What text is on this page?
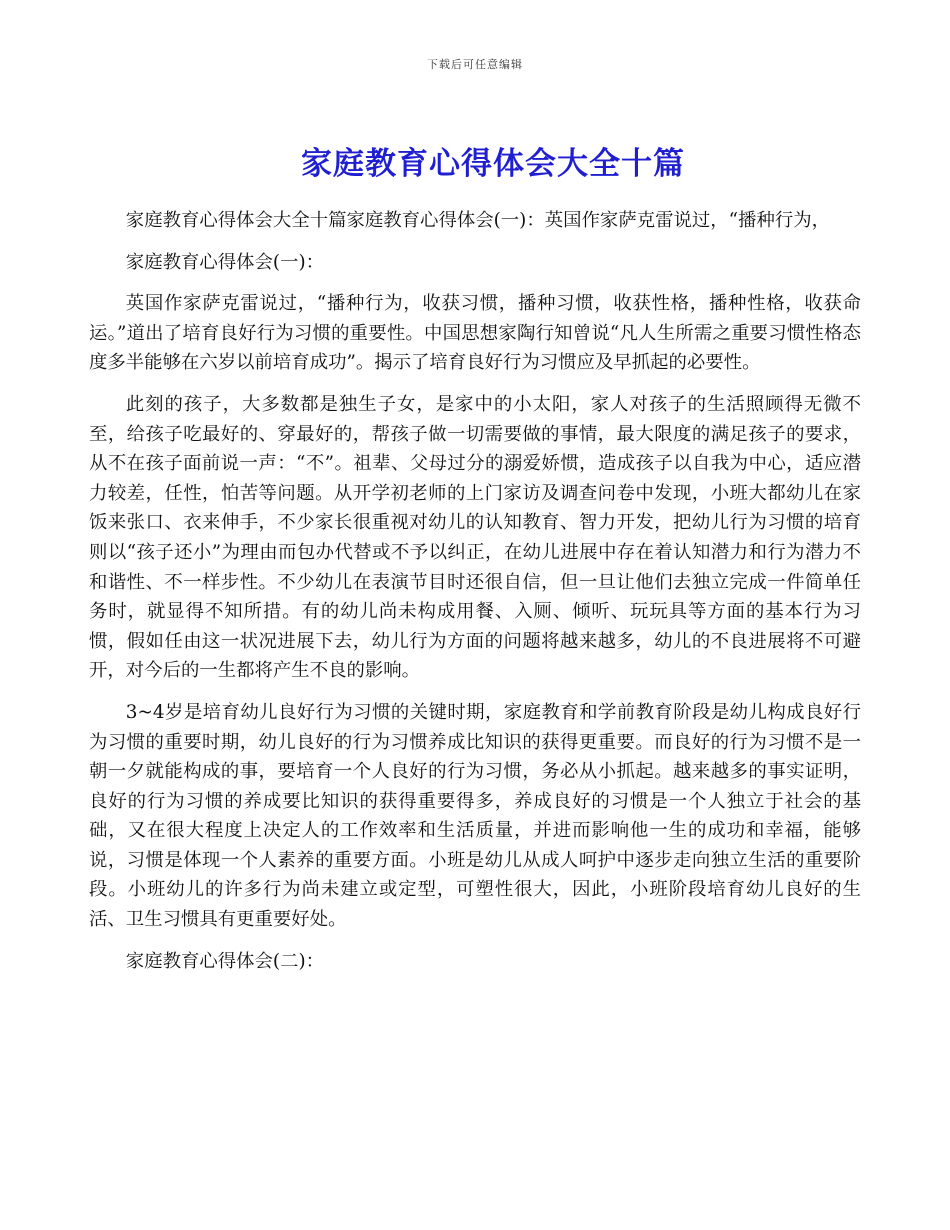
下载后可任意编辑
家庭教育心得体会大全十篇

家庭教育心得体会大全十篇家庭教育心得体会(一)：英国作家萨克雷说过，“播种行为，

家庭教育心得体会(一)：

英国作家萨克雷说过，“播种行为，收获习惯，播种习惯，收获性格，播种性格，收获命运。”道出了培育良好行为习惯的重要性。中国思想家陶行知曾说“凡人生所需之重要习惯性格态度多半能够在六岁以前培育成功”。揭示了培育良好行为习惯应及早抓起的必要性。

此刻的孩子，大多数都是独生子女，是家中的小太阳，家人对孩子的生活照顾得无微不至，给孩子吃最好的、穿最好的，帮孩子做一切需要做的事情，最大限度的满足孩子的要求，从不在孩子面前说一声：“不”。祖辈、父母过分的溺爱娇惯，造成孩子以自我为中心，适应潜力较差，任性，怕苦等问题。从开学初老师的上门家访及调查问卷中发现，小班大都幼儿在家饭来张口、衣来伸手，不少家长很重视对幼儿的认知教育、智力开发，把幼儿行为习惯的培育则以“孩子还小”为理由而包办代替或不予以纠正，在幼儿进展中存在着认知潜力和行为潜力不和谐性、不一样步性。不少幼儿在表演节目时还很自信，但一旦让他们去独立完成一件简单任务时，就显得不知所措。有的幼儿尚未构成用餐、入厕、倾听、玩玩具等方面的基本行为习惯，假如任由这一状况进展下去，幼儿行为方面的问题将越来越多，幼儿的不良进展将不可避开，对今后的一生都将产生不良的影响。

3~4岁是培育幼儿良好行为习惯的关键时期，家庭教育和学前教育阶段是幼儿构成良好行为习惯的重要时期，幼儿良好的行为习惯养成比知识的获得更重要。而良好的行为习惯不是一朝一夕就能构成的事，要培育一个人良好的行为习惯，务必从小抓起。越来越多的事实证明，良好的行为习惯的养成要比知识的获得重要得多，养成良好的习惯是一个人独立于社会的基础，又在很大程度上决定人的工作效率和生活质量，并进而影响他一生的成功和幸福，能够说，习惯是体现一个人素养的重要方面。小班是幼儿从成人呵护中逐步走向独立生活的重要阶段。小班幼儿的许多行为尚未建立或定型，可塑性很大，因此，小班阶段培育幼儿良好的生活、卫生习惯具有更重要好处。

家庭教育心得体会(二)：
